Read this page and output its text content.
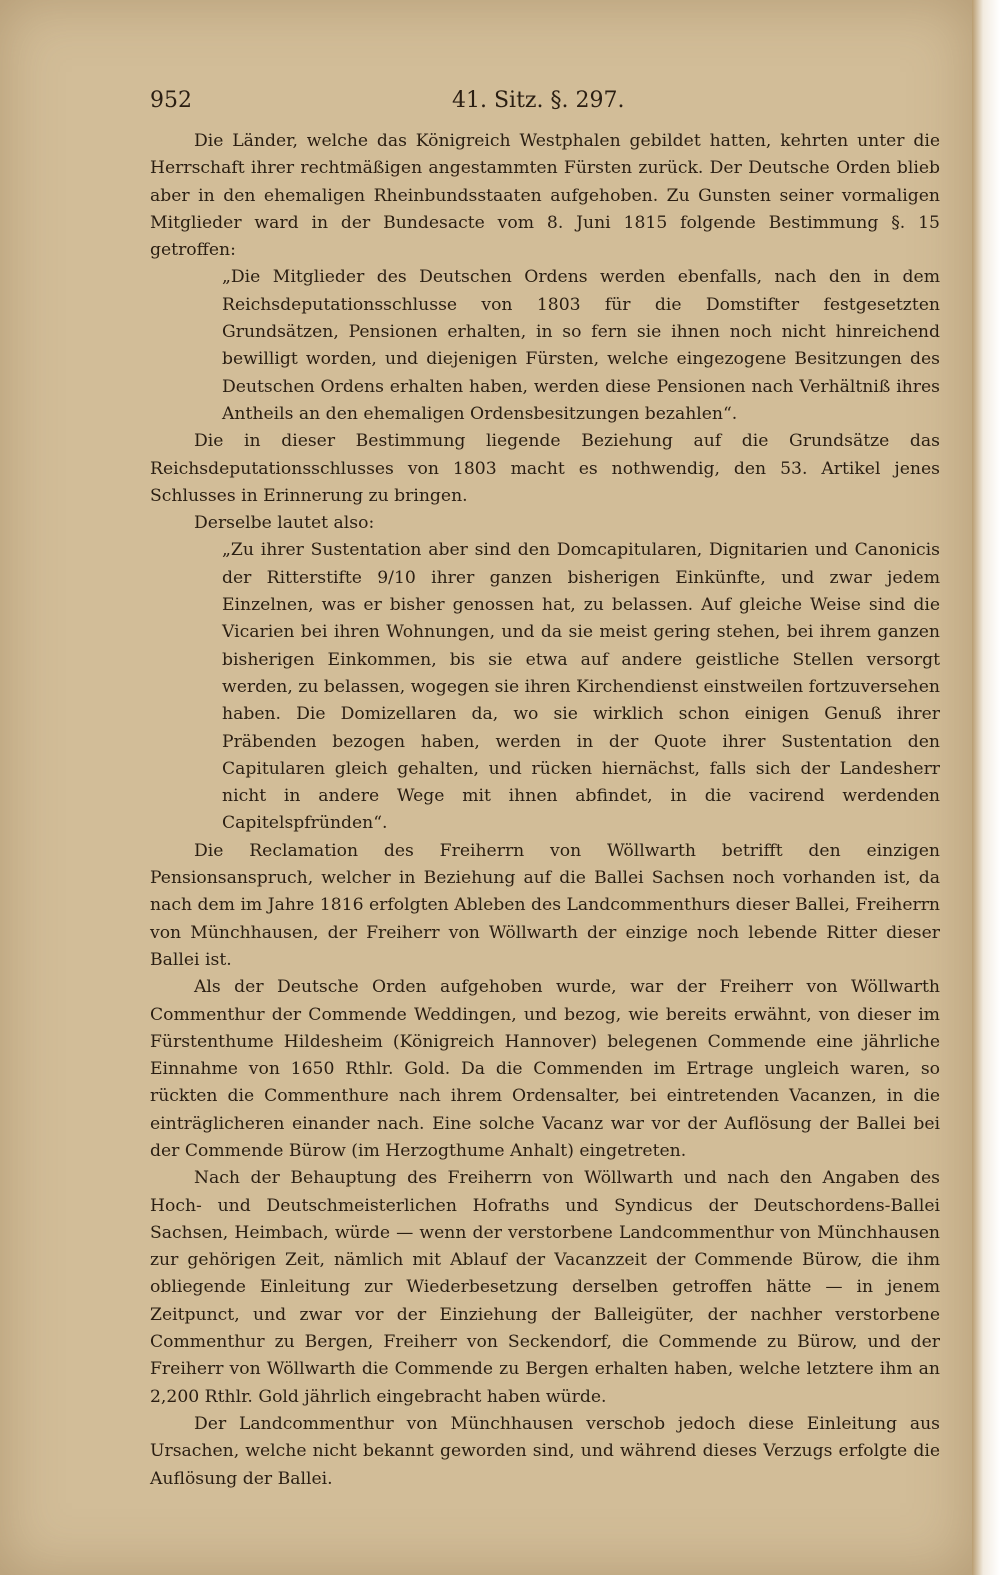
952	41. Sitz. §. 297.

Die Länder, welche das Königreich Westphalen gebildet hatten, kehrten unter die Herrschaft ihrer rechtmäßigen angestammten Fürsten zurück. Der Deutsche Orden blieb aber in den ehemaligen Rheinbundsstaaten aufgehoben. Zu Gunsten seiner vormaligen Mitglieder ward in der Bundesacte vom 8. Juni 1815 folgende Bestimmung §. 15 getroffen:

„Die Mitglieder des Deutschen Ordens werden ebenfalls, nach den in dem Reichsdeputationsschlusse von 1803 für die Domstifter festgesetzten Grundsätzen, Pensionen erhalten, in so fern sie ihnen noch nicht hinreichend bewilligt worden, und diejenigen Fürsten, welche eingezogene Besitzungen des Deutschen Ordens erhalten haben, werden diese Pensionen nach Verhältniß ihres Antheils an den ehemaligen Ordensbesitzungen bezahlen“.

Die in dieser Bestimmung liegende Beziehung auf die Grundsätze das Reichsdeputationsschlusses von 1803 macht es nothwendig, den 53. Artikel jenes Schlusses in Erinnerung zu bringen.

Derselbe lautet also:

„Zu ihrer Sustentation aber sind den Domcapitularen, Dignitarien und Canonicis der Ritterstifte 9/10 ihrer ganzen bisherigen Einkünfte, und zwar jedem Einzelnen, was er bisher genossen hat, zu belassen. Auf gleiche Weise sind die Vicarien bei ihren Wohnungen, und da sie meist gering stehen, bei ihrem ganzen bisherigen Einkommen, bis sie etwa auf andere geistliche Stellen versorgt werden, zu belassen, wogegen sie ihren Kirchendienst einstweilen fortzuversehen haben. Die Domizellaren da, wo sie wirklich schon einigen Genuß ihrer Präbenden bezogen haben, werden in der Quote ihrer Sustentation den Capitularen gleich gehalten, und rücken hiernächst, falls sich der Landesherr nicht in andere Wege mit ihnen abfindet, in die vacirend werdenden Capitelspfründen“.

Die Reclamation des Freiherrn von Wöllwarth betrifft den einzigen Pensionsanspruch, welcher in Beziehung auf die Ballei Sachsen noch vorhanden ist, da nach dem im Jahre 1816 erfolgten Ableben des Landcommenthurs dieser Ballei, Freiherrn von Münchhausen, der Freiherr von Wöllwarth der einzige noch lebende Ritter dieser Ballei ist.

Als der Deutsche Orden aufgehoben wurde, war der Freiherr von Wöllwarth Commenthur der Commende Weddingen, und bezog, wie bereits erwähnt, von dieser im Fürstenthume Hildesheim (Königreich Hannover) belegenen Commende eine jährliche Einnahme von 1650 Rthlr. Gold. Da die Commenden im Ertrage ungleich waren, so rückten die Commenthure nach ihrem Ordensalter, bei eintretenden Vacanzen, in die einträglicheren einander nach. Eine solche Vacanz war vor der Auflösung der Ballei bei der Commende Bürow (im Herzogthume Anhalt) eingetreten.

Nach der Behauptung des Freiherrn von Wöllwarth und nach den Angaben des Hoch- und Deutschmeisterlichen Hofraths und Syndicus der Deutschordens-Ballei Sachsen, Heimbach, würde — wenn der verstorbene Landcommenthur von Münchhausen zur gehörigen Zeit, nämlich mit Ablauf der Vacanzzeit der Commende Bürow, die ihm obliegende Einleitung zur Wiederbesetzung derselben getroffen hätte — in jenem Zeitpunct, und zwar vor der Einziehung der Balleigüter, der nachher verstorbene Commenthur zu Bergen, Freiherr von Seckendorf, die Commende zu Bürow, und der Freiherr von Wöllwarth die Commende zu Bergen erhalten haben, welche letztere ihm an 2,200 Rthlr. Gold jährlich eingebracht haben würde.

Der Landcommenthur von Münchhausen verschob jedoch diese Einleitung aus Ursachen, welche nicht bekannt geworden sind, und während dieses Verzugs erfolgte die Auflösung der Ballei.
